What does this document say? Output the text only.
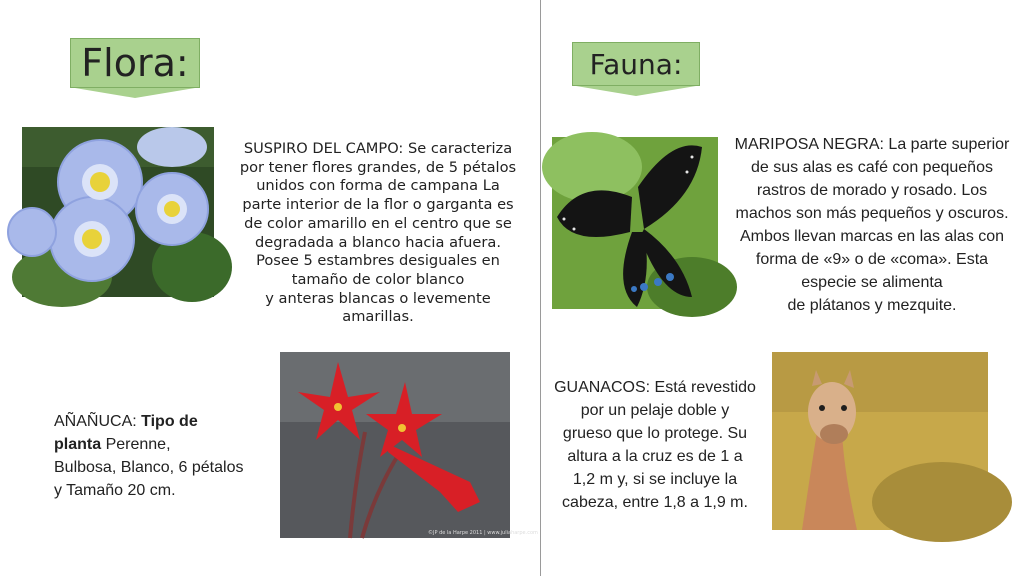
Flora:
SUSPIRO DEL CAMPO: Se caracteriza
por tener flores grandes, de 5 pétalos
unidos con forma de campana La
parte interior de la flor o garganta es
de color amarillo en el centro que se
degradada a blanco hacia afuera.
Posee 5 estambres desiguales en
tamaño de color blanco
y anteras blancas o levemente
amarillas.
AÑAÑUCA: Tipo de
planta Perenne,
Bulbosa, Blanco, 6 pétalos
y Tamaño 20 cm.
©JP de la Harpe 2011 | www.juliaharpe.com
Fauna:
MARIPOSA NEGRA: La parte superior
de sus alas es café con pequeños
rastros de morado y rosado. Los
machos son más pequeños y oscuros.
Ambos llevan marcas en las alas con
forma de «9» o de «coma». Esta
especie se alimenta
de plátanos y mezquite.
GUANACOS: Está revestido
por un pelaje doble y
grueso que lo protege. Su
altura a la cruz es de 1 a
1,2 m y, si se incluye la
cabeza, entre 1,8 a 1,9 m.
